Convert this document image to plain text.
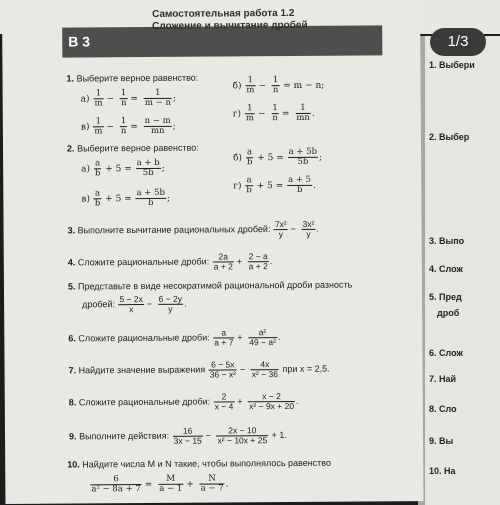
1. Выбери
2. Выбер
3. Выпо
4. Слож
5. Пред
дроб
6. Слож
7. Най
8. Сло
9. Вы
10. На
В 3
Самостоятельная работа 1.2
Сложение и вычитание дробей
1. Выберите верное равенство:
$а) \frac{1}{m} - \frac{1}{n} = \frac{1}{m - n}$ ;
$б) \frac{1}{m} - \frac{1}{n} = m - n$;
$в) \frac{1}{m} - \frac{1}{n} = \frac{n - m}{mn}$ ;
$г) \frac{1}{m} - \frac{1}{n} = \frac{1}{mn}$ .
2. Выберите верное равенство:
$а) \frac{a}{b} + 5 = \frac{a + b}{5b}$ ;
$б) \frac{a}{b} + 5 = \frac{a + 5b}{5b}$ ;
$в) \frac{a}{b} + 5 = \frac{a + 5b}{b}$ ;
$г) \frac{a}{b} + 5 = \frac{a + 5}{b}$ .
3. Выполните вычитание рациональных дробей: $\frac{\text{7x²}}{y} - \frac{\text{3x²}}{y}$ .
4. Сложите рациональные дроби: $\frac{2a}{a + 2} + \frac{2 - a}{a + 2}$ .
5. Представьте в виде несократимой рациональной дроби разность
дробей: $\frac{5 - 2x}{x} - \frac{6 - 2y}{y}$ .
6. Сложите рациональные дроби: $\frac{a}{a + 7} + \frac{\text{a²}}{\text{49 − a²}}$ .
7. Найдите значение выражения $\frac{6 - 5x}{\text{36 − x²}} - \frac{4x}{\text{x² − 36}}$ при x = 2,5.
8. Сложите рациональные дроби: $\frac{2}{x - 4} + \frac{x - 2}{\text{x² − 9x + 20}}$ .
9. Выполните действия: $\frac{16}{3x - 15} - \frac{2x - 10}{\text{x² − 10x + 25}} + 1$.
10. Найдите числа M и N такие, чтобы выполнялось равенство
$\frac{6}{\text{a² − 8a + 7}} = \frac{M}{a - 1} + \frac{N}{a - 7}$ .
1/3
